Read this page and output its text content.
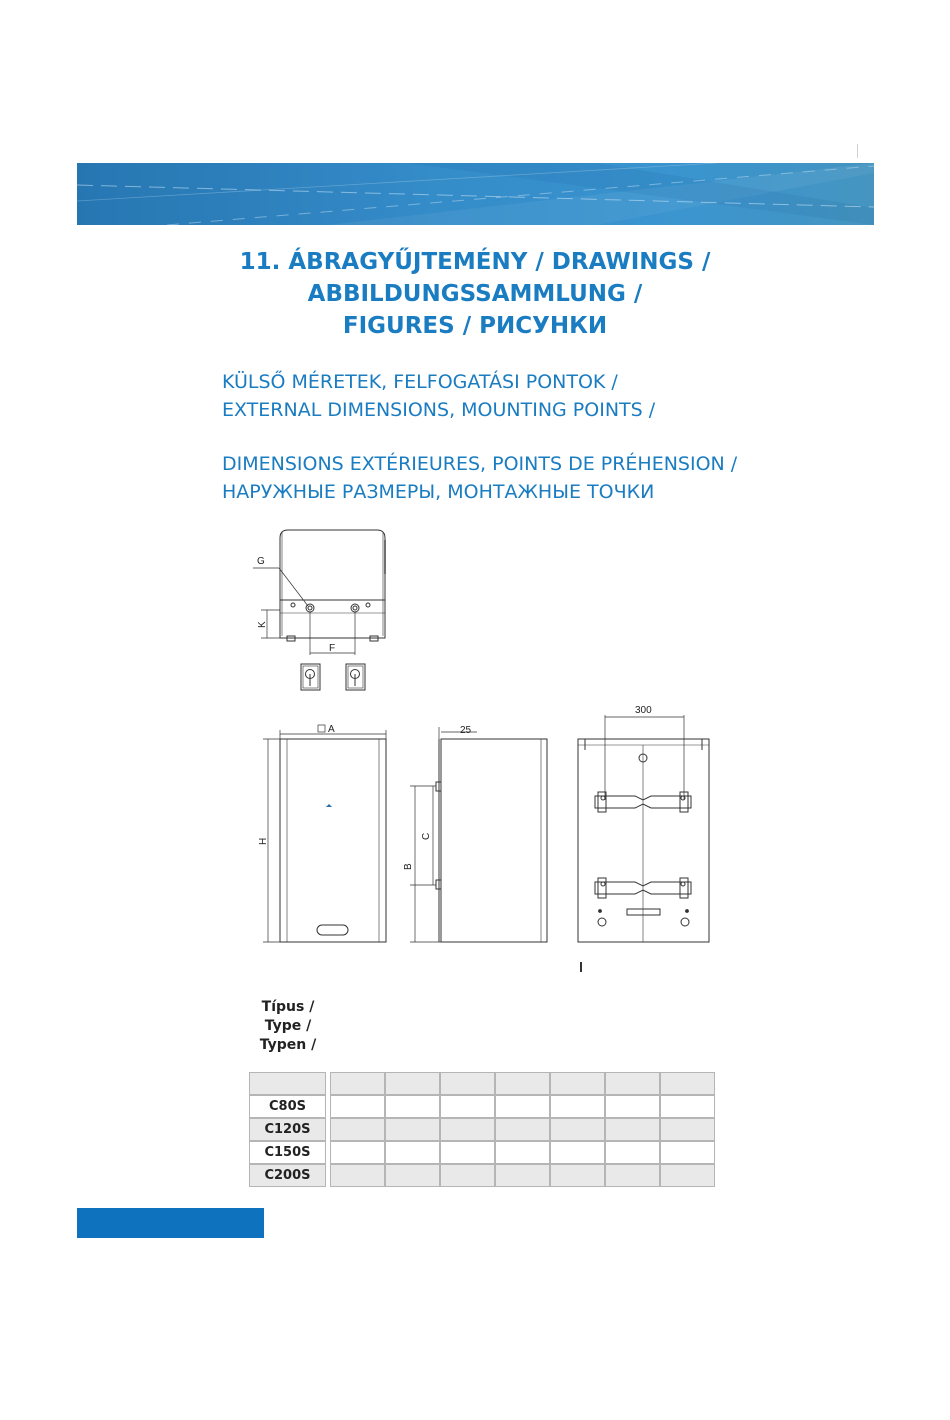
11. ÁBRAGYŰJTEMÉNY / DRAWINGS /
ABBILDUNGSSAMMLUNG /
FIGURES / РИСУНКИ
KÜLSŐ MÉRETEK, FELFOGATÁSI PONTOK /
EXTERNAL DIMENSIONS, MOUNTING POINTS /
DIMENSIONS EXTÉRIEURES, POINTS DE PRÉHENSION /
НАРУЖНЫЕ РАЗМЕРЫ, МОНТАЖНЫЕ ТОЧКИ
G
K
F
A
H
B
C
25
300
Típus /
Type /
Typen /

C80S								
C120S								
C150S								
C200S								
